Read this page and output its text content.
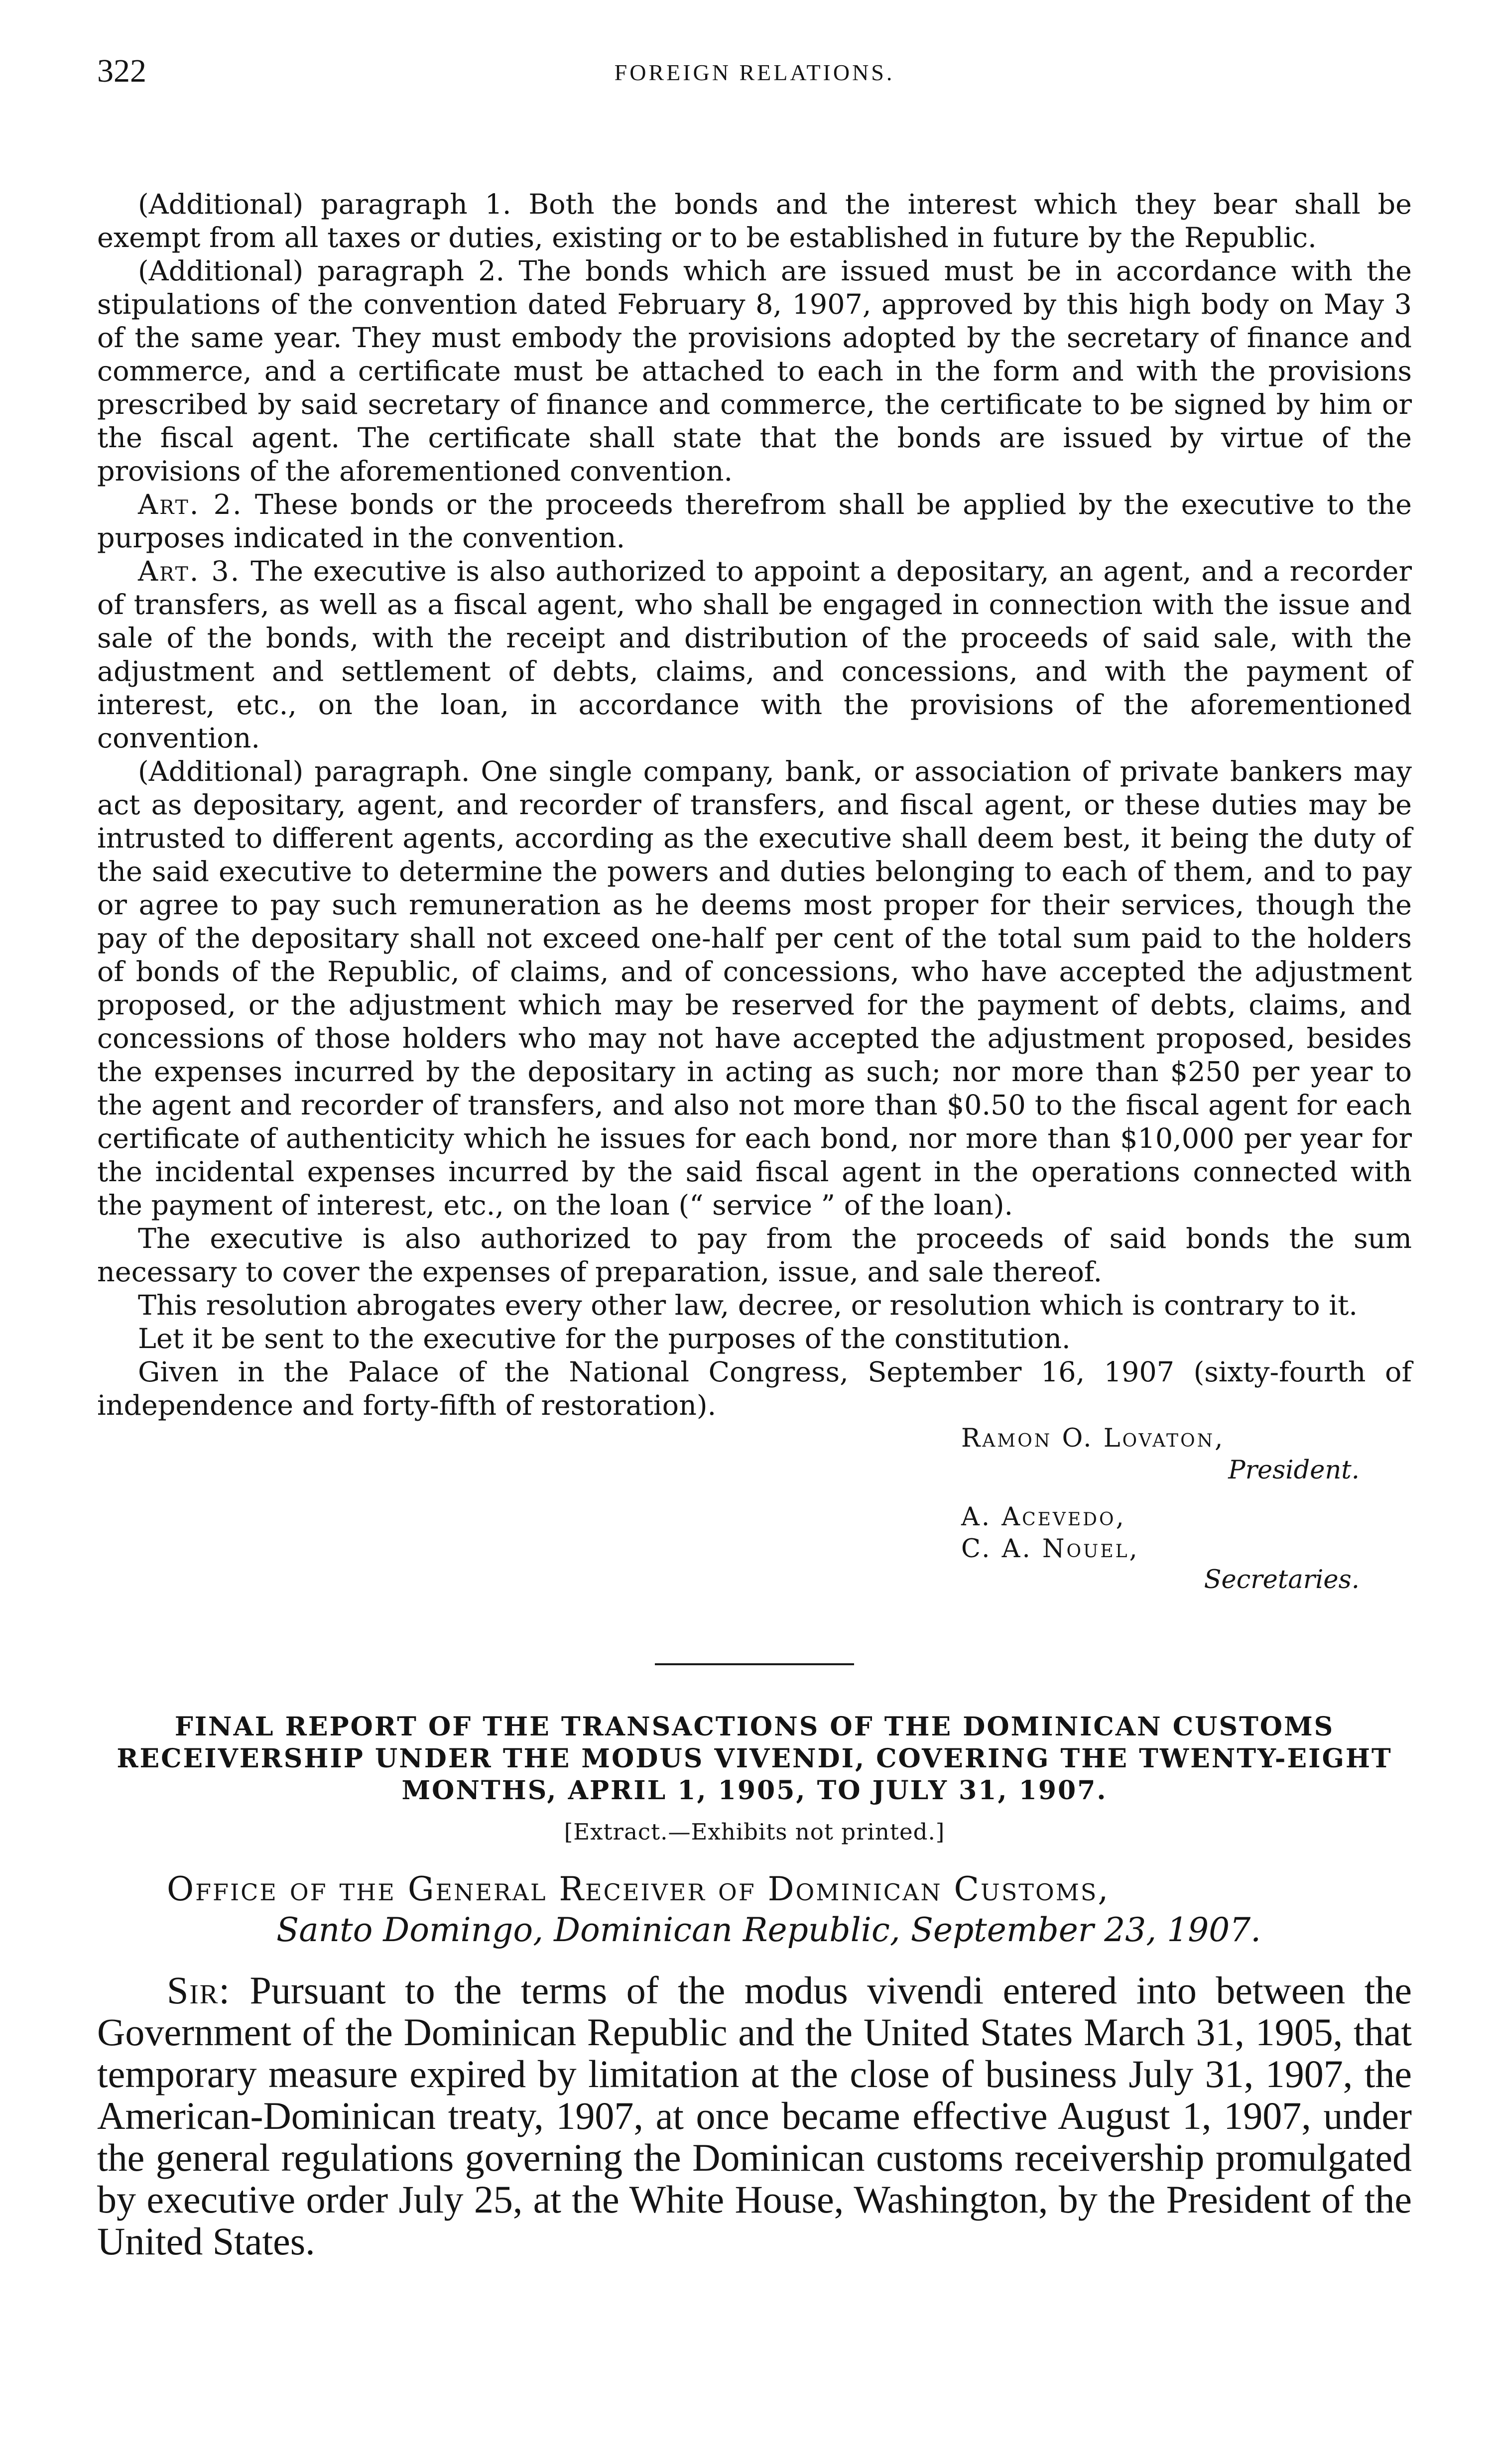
322	FOREIGN RELATIONS.

(Additional) paragraph 1. Both the bonds and the interest which they bear shall be exempt from all taxes or duties, existing or to be established in future by the Republic.

(Additional) paragraph 2. The bonds which are issued must be in accordance with the stipulations of the convention dated February 8, 1907, approved by this high body on May 3 of the same year. They must embody the provisions adopted by the secretary of finance and commerce, and a certificate must be attached to each in the form and with the provisions prescribed by said secretary of finance and commerce, the certificate to be signed by him or the fiscal agent. The certificate shall state that the bonds are issued by virtue of the provisions of the aforementioned convention.

Art. 2. These bonds or the proceeds therefrom shall be applied by the executive to the purposes indicated in the convention.

Art. 3. The executive is also authorized to appoint a depositary, an agent, and a recorder of transfers, as well as a fiscal agent, who shall be engaged in connection with the issue and sale of the bonds, with the receipt and distribution of the proceeds of said sale, with the adjustment and settlement of debts, claims, and concessions, and with the payment of interest, etc., on the loan, in accordance with the provisions of the aforementioned convention.

(Additional) paragraph. One single company, bank, or association of private bankers may act as depositary, agent, and recorder of transfers, and fiscal agent, or these duties may be intrusted to different agents, according as the executive shall deem best, it being the duty of the said executive to determine the powers and duties belonging to each of them, and to pay or agree to pay such remuneration as he deems most proper for their services, though the pay of the depositary shall not exceed one-half per cent of the total sum paid to the holders of bonds of the Republic, of claims, and of concessions, who have accepted the adjustment proposed, or the adjustment which may be reserved for the payment of debts, claims, and concessions of those holders who may not have accepted the adjustment proposed, besides the expenses incurred by the depositary in acting as such; nor more than $250 per year to the agent and recorder of transfers, and also not more than $0.50 to the fiscal agent for each certificate of authenticity which he issues for each bond, nor more than $10,000 per year for the incidental expenses incurred by the said fiscal agent in the operations connected with the payment of interest, etc., on the loan (“ service ” of the loan).

The executive is also authorized to pay from the proceeds of said bonds the sum necessary to cover the expenses of preparation, issue, and sale thereof.

This resolution abrogates every other law, decree, or resolution which is contrary to it.

Let it be sent to the executive for the purposes of the constitution.

Given in the Palace of the National Congress, September 16, 1907 (sixty-fourth of independence and forty-fifth of restoration).

Ramon O. Lovaton,
President.
A. Acevedo,
C. A. Nouel,
Secretaries.
FINAL REPORT OF THE TRANSACTIONS OF THE DOMINICAN CUSTOMS RECEIVERSHIP UNDER THE MODUS VIVENDI, COVERING THE TWENTY-EIGHT MONTHS, APRIL 1, 1905, TO JULY 31, 1907.
[Extract.—Exhibits not printed.]
Office of the General Receiver of Dominican Customs,
Santo Domingo, Dominican Republic, September 23, 1907.

Sir: Pursuant to the terms of the modus vivendi entered into between the Government of the Dominican Republic and the United States March 31, 1905, that temporary measure expired by limitation at the close of business July 31, 1907, the American-Dominican treaty, 1907, at once became effective August 1, 1907, under the general regulations governing the Dominican customs receivership promulgated by executive order July 25, at the White House, Washington, by the President of the United States.
